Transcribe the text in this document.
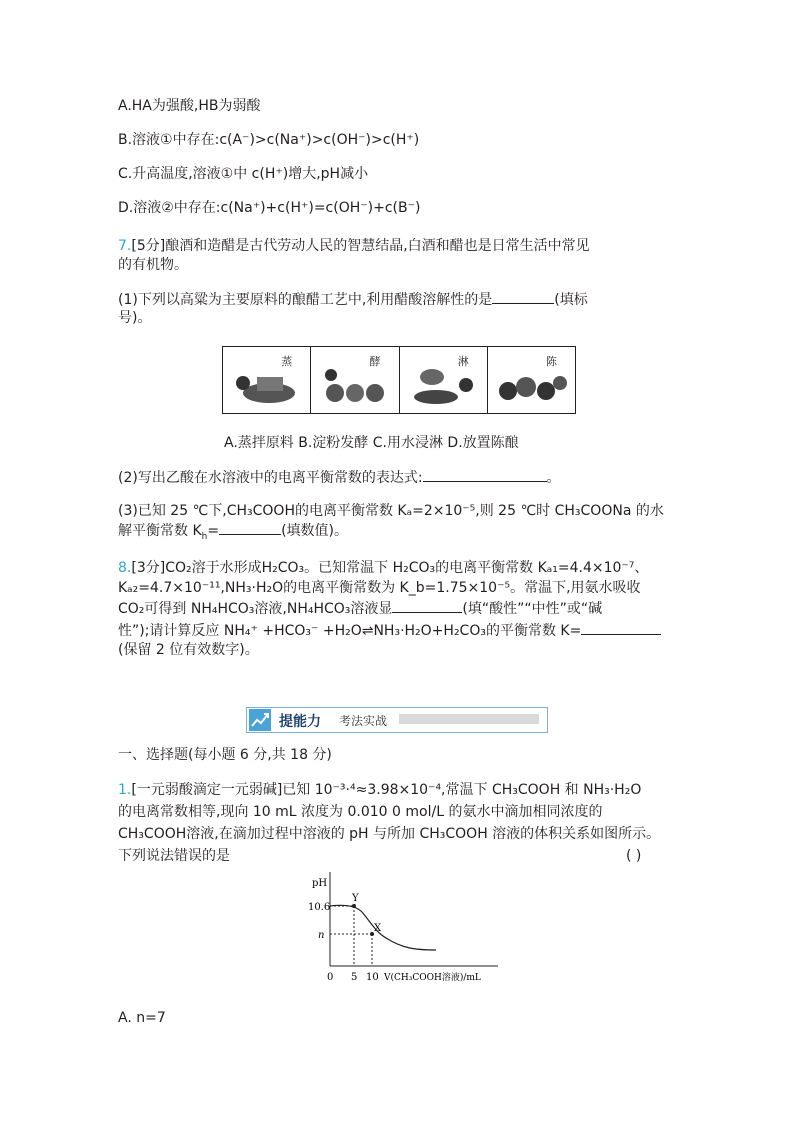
A.HA为强酸,HB为弱酸
B.溶液①中存在:c(A⁻)>c(Na⁺)>c(OH⁻)>c(H⁺)
C.升高温度,溶液①中 c(H⁺)增大,pH减小
D.溶液②中存在:c(Na⁺)+c(H⁺)=c(OH⁻)+c(B⁻)
7.[5分]酿酒和造醋是古代劳动人民的智慧结晶,白酒和醋也是日常生活中常见
的有机物。
(1)下列以高粱为主要原料的酿醋工艺中,利用醋酸溶解性的是	(填标
号)。
蒸	酵	淋	陈
A.蒸拌原料 B.淀粉发酵 C.用水浸淋 D.放置陈酿
(2)写出乙酸在水溶液中的电离平衡常数的表达式:	。
(3)已知 25 ℃下,CH₃COOH的电离平衡常数 Kₐ=2×10⁻⁵,则 25 ℃时 CH₃COONa 的水
解平衡常数 $K_h=$	(填数值)。
8.[3分]CO₂溶于水形成H₂CO₃。已知常温下 H₂CO₃的电离平衡常数 Kₐ₁=4.4×10⁻⁷、
Kₐ₂=4.7×10⁻¹¹,NH₃·H₂O的电离平衡常数为 K_b=1.75×10⁻⁵。常温下,用氨水吸收
CO₂可得到 NH₄HCO₃溶液,NH₄HCO₃溶液显	(填“酸性”“中性”或“碱
性”);请计算反应 NH₄⁺ +HCO₃⁻ +H₂O⇌NH₃·H₂O+H₂CO₃的平衡常数 K=
(保留 2 位有效数字)。
提能力 考法实战
一、选择题(每小题 6 分,共 18 分)
1.[一元弱酸滴定一元弱碱]已知 10⁻³·⁴≈3.98×10⁻⁴,常温下 CH₃COOH 和 NH₃·H₂O
的电离常数相等,现向 10 mL 浓度为 0.010 0 mol/L 的氨水中滴加相同浓度的
CH₃COOH溶液,在滴加过程中溶液的 pH 与所加 CH₃COOH 溶液的体积关系如图所示。
下列说法错误的是	( )
pH
10.6
n
0 5 10 V(CH₃COOH溶液)/mL
Y
X
A. n=7
